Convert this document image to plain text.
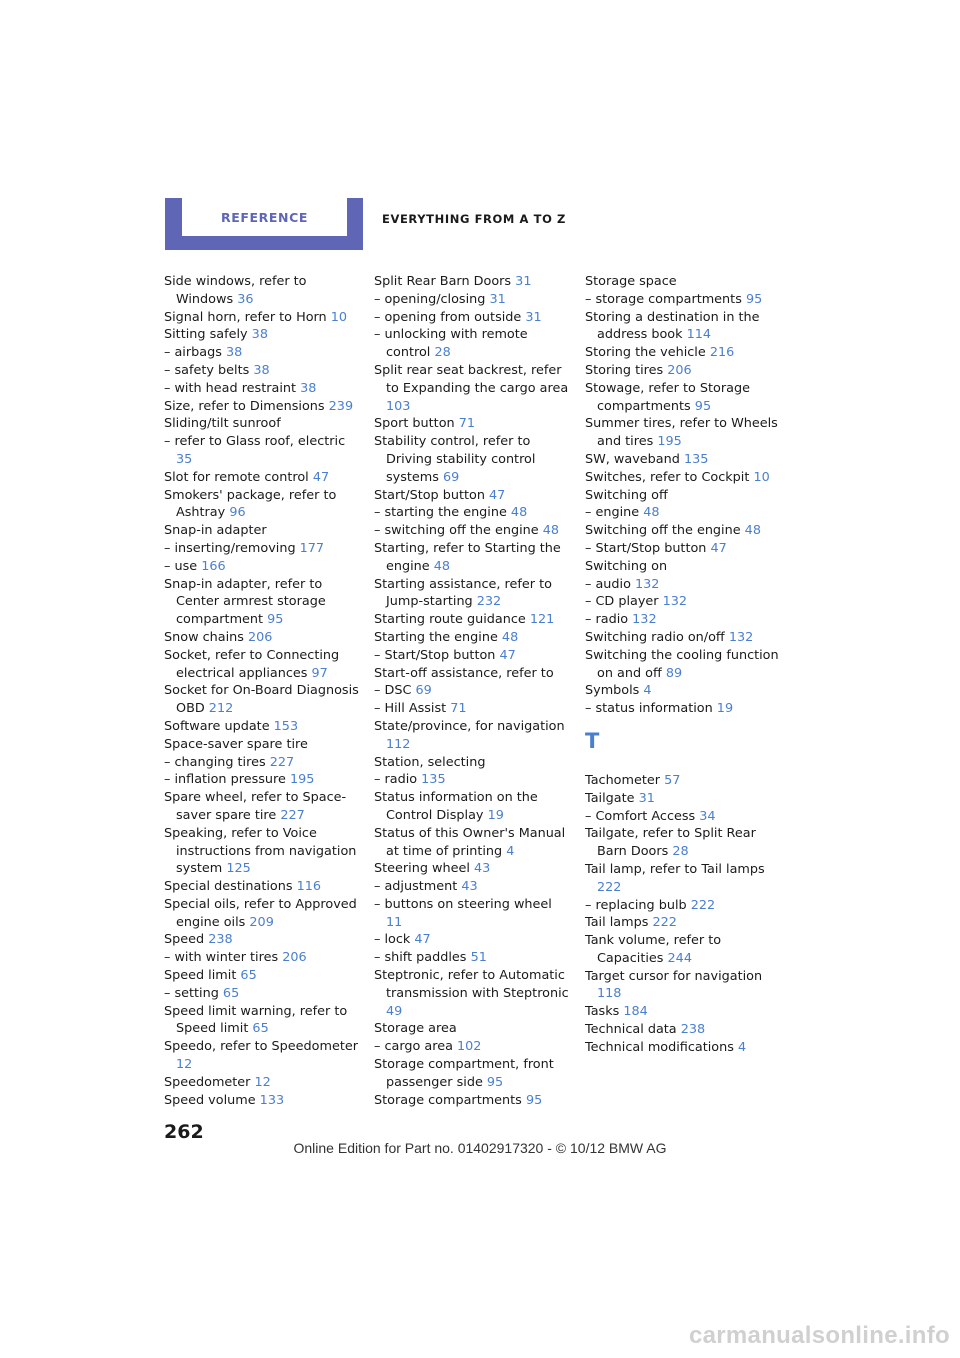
REFERENCE	EVERYTHING FROM A TO Z
Side windows, refer to Windows 36
Signal horn, refer to Horn 10
Sitting safely 38
– airbags 38
– safety belts 38
– with head restraint 38
Size, refer to Dimensions 239
Sliding/tilt sunroof
– refer to Glass roof, electric 35
Slot for remote control 47
Smokers' package, refer to Ashtray 96
Snap-in adapter
– inserting/removing 177
– use 166
Snap-in adapter, refer to Center armrest storage compartment 95
Snow chains 206
Socket, refer to Connecting electrical appliances 97
Socket for On-Board Diagnosis OBD 212
Software update 153
Space-saver spare tire
– changing tires 227
– inflation pressure 195
Spare wheel, refer to Space-saver spare tire 227
Speaking, refer to Voice instructions from navigation system 125
Special destinations 116
Special oils, refer to Approved engine oils 209
Speed 238
– with winter tires 206
Speed limit 65
– setting 65
Speed limit warning, refer to Speed limit 65
Speedo, refer to Speedometer 12
Speedometer 12
Speed volume 133
Split Rear Barn Doors 31
– opening/closing 31
– opening from outside 31
– unlocking with remote control 28
Split rear seat backrest, refer to Expanding the cargo area 103
Sport button 71
Stability control, refer to Driving stability control systems 69
Start/Stop button 47
– starting the engine 48
– switching off the engine 48
Starting, refer to Starting the engine 48
Starting assistance, refer to Jump-starting 232
Starting route guidance 121
Starting the engine 48
– Start/Stop button 47
Start-off assistance, refer to
– DSC 69
– Hill Assist 71
State/province, for navigation 112
Station, selecting
– radio 135
Status information on the Control Display 19
Status of this Owner's Manual at time of printing 4
Steering wheel 43
– adjustment 43
– buttons on steering wheel 11
– lock 47
– shift paddles 51
Steptronic, refer to Automatic transmission with Steptronic 49
Storage area
– cargo area 102
Storage compartment, front passenger side 95
Storage compartments 95
Storage space
– storage compartments 95
Storing a destination in the address book 114
Storing the vehicle 216
Storing tires 206
Stowage, refer to Storage compartments 95
Summer tires, refer to Wheels and tires 195
SW, waveband 135
Switches, refer to Cockpit 10
Switching off
– engine 48
Switching off the engine 48
– Start/Stop button 47
Switching on
– audio 132
– CD player 132
– radio 132
Switching radio on/off 132
Switching the cooling function on and off 89
Symbols 4
– status information 19
T
Tachometer 57
Tailgate 31
– Comfort Access 34
Tailgate, refer to Split Rear Barn Doors 28
Tail lamp, refer to Tail lamps 222
– replacing bulb 222
Tail lamps 222
Tank volume, refer to Capacities 244
Target cursor for navigation 118
Tasks 184
Technical data 238
Technical modifications 4
262
Online Edition for Part no. 01402917320 - © 10/12 BMW AG
carmanualsonline.info
